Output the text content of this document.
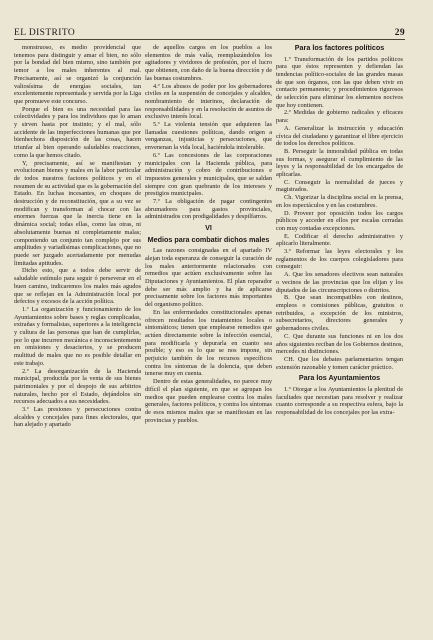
EL DISTRITO	29

monstruoso, es medio providencial que tenemos para distinguir y amar el bien, no sólo por la bondad del bien mismo, sino también por temor a los males inherentes al mal. Precisamente, así se organizó la conjunción valiosísima de energías sociales, tan excelentemente representada y servida por la Liga que promueve este concurso.

Porque el bien es una necesidad para las colectividades y para los individuos que lo aman y sirven hasta por instinto; y el mal, sólo accidente de las imperfecciones humanas que por bienhechora disposición de las cosas, hacen triunfar al bien operando saludables reacciones, como la que hemos citado.

Y, precisamente, así se manifiestan y evolucionan bienes y males en la labor particular de todos nuestros factores políticos y en el resumen de su actividad que es la gobernación del Estado. En luchas incesantes, en choques de destrucción y de reconstitución, que a su vez se modifican y transforman al chocar con las enormes fuerzas que la inercia tiene en la dinámica social; todas ellas, como las otras, ni absolutamente buenas ni completamente malas; componiendo un conjunto tan complejo por sus amplitudes y variadísimas complicaciones, que no puede ser juzgado acertadamente por menudas limitadas aptitudes.

Dicho esto, que a todos debe servir de saludable estímulo para seguir ó perseverar en el buen camino, indicaremos los males más agudos que se reflejan en la Administración local por defectos y excesos de la acción política.

1.º La organización y funcionamiento de los Ayuntamientos sobre bases y reglas complicadas, extrañas y formalistas, superiores a la inteligencia y cultura de las personas que han de cumplirlas, por lo que incurren mecánica e inconscientemente en omisiones y desaciertos, y se producen multitud de males que no es posible detallar en este trabajo.

2.º La desorganización de la Hacienda municipal, producida por la venta de sus bienes patrimoniales y por el despojo de sus arbitrios naturales, hecho por el Estado, dejándolos sin recursos adecuados a sus necesidades.

3.º Las presiones y persecuciones contra alcaldes y concejales para fines electorales, que han alejado y apartado

de aquellos cargos en los pueblos a los elementos de más valía, reemplazándolos los agitadores y vividores de profesión, por el lucro que obtienen, con daño de la buena dirección y de las buenas costumbres.

4.º Los abusos de poder por los gobernadores civiles en la suspensión de concejales y alcaldes, nombramiento de interinos, declaración de responsabilidades y en la resolución de asuntos de exclusivo interés local.

5.º La violenta tensión que adquieren las llamadas cuestiones políticas, dando origen a venganzas, injusticias y persecuciones, que envenenan la vida local, haciéndola intolerable.

6.º Las concesiones de las corporaciones municipales con la Hacienda pública, para administración y cobro de contribuciones e impuestos generales y municipales, que se saldan siempre con gran quebranto de los intereses y prestigios municipales.

7.º La obligación de pagar contingentes abrumadores para gastos provinciales, administrados con prodigalidades y despilfarros.

VI
Medios para combatir dichos males

Las razones consignadas en el apartado IV alejan toda esperanza de conseguir la curación de los males anteriormente relacionados con remedios que actúen exclusivamente sobre las Diputaciones y Ayuntamientos. El plan reparador debe ser más amplio y ha de aplicarse precisamente sobre los factores más importantes del organismo político.

En las enfermedades constitucionales apenas ofrecen resultados los tratamientos locales o sintomáticos; tienen que emplearse remedios que actúen directamente sobre la infección esencial, para modificarla y depurarla en cuanto sea posible; y eso es lo que se nos impone, sin perjuicio también de los recursos específicos contra los síntomas de la dolencia, que deben tenerse muy en cuenta.

Dentro de estas generalidades, no parece muy difícil el plan siguiente, en que se agrupan los medios que pueden emplearse contra los males generales, factores políticos, y contra los síntomas de esos mismos males que se manifiestan en las provincias y pueblos.

Para los factores políticos
1.º Transformación de los partidos políticos para que éstos representen y defiendan las tendencias político-sociales de las grandes masas de que son órganos, con las que deben vivir en contacto permanente; y procedimientos rigurosos de selección para eliminar los elementos nocivos que hoy contienen.
2.º Medidas de gobierno radicales y eficaces para:
A. Generalizar la instrucción y educación cívica del ciudadano y garantizar el libre ejercicio de todos los derechos políticos.
B. Perseguir la inmoralidad pública en todas sus formas, y asegurar el cumplimiento de las leyes y la responsabilidad de los encargados de aplicarlas.
C. Conseguir la normalidad de jueces y magistrados.
Ch. Vigorizar la disciplina social en la prensa, en los espectáculos y en las costumbres.
D. Proveer por oposición todos los cargos públicos y acceder en ellos por escalas cerradas con muy contadas excepciones.
E. Codificar el derecho administrativo y aplicarlo literalmente.
3.º Reformar las leyes electorales y los reglamentos de los cuerpos colegisladores para conseguir:
A. Que los senadores electivos sean naturales o vecinos de las provincias que los elijan y los diputados de las circunscripciones o distritos.
B. Que sean incompatibles con destinos, empleos o comisiones públicas, gratuitos o retribuidos, a excepción de los ministros, subsecretarios, directores generales y gobernadores civiles.
C. Que durante sus funciones ni en los dos años siguientes reciban de los Gobiernos destinos, mercedes ni distinciones.
CH. Que los debates parlamentarios tengan extensión razonable y tomen carácter práctico.
Para los Ayuntamientos
1.º Otorgar a los Ayuntamientos la plenitud de facultades que necesitan para resolver y realizar cuanto corresponde a su respectiva esfera, bajo la responsabilidad de los concejales por las extra-
